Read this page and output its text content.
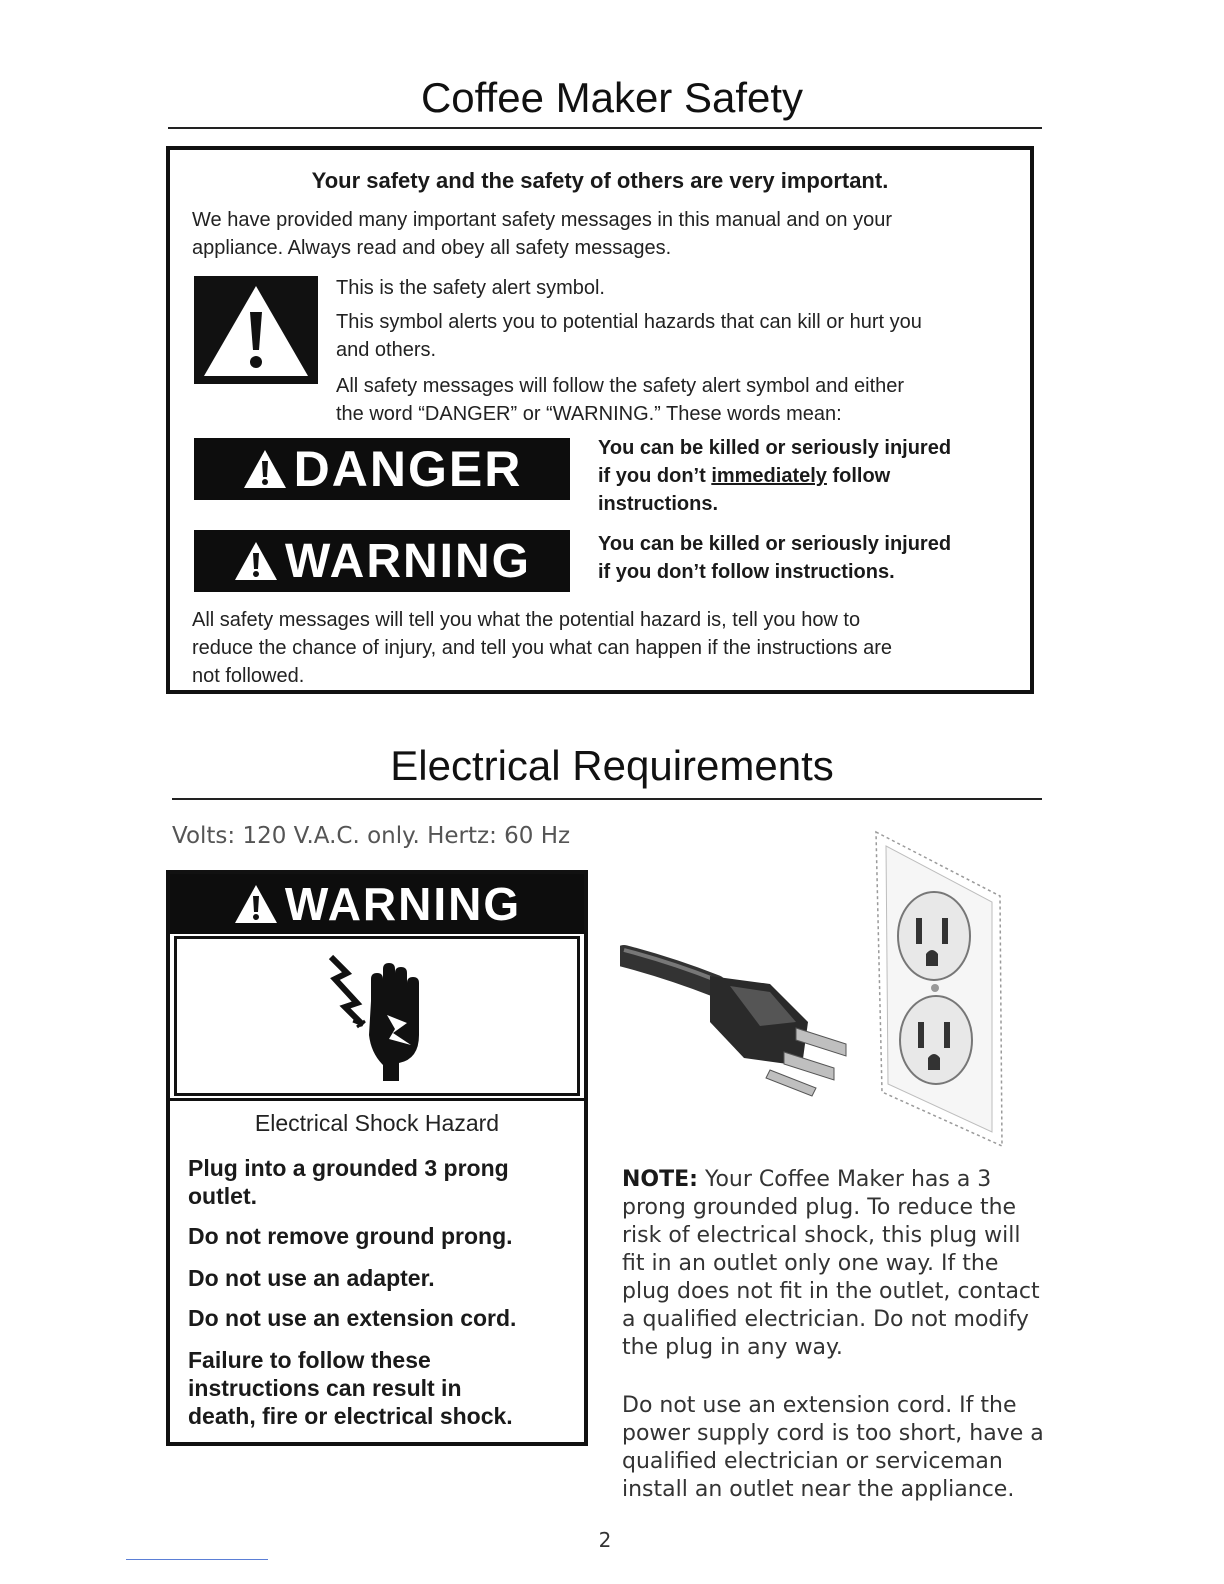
Coffee Maker Safety
Your safety and the safety of others are very important.
We have provided many important safety messages in this manual and on your
appliance. Always read and obey all safety messages.
This is the safety alert symbol.
This symbol alerts you to potential hazards that can kill or hurt you
and others.
All safety messages will follow the safety alert symbol and either
the word “DANGER” or “WARNING.” These words mean:
DANGER	You can be killed or seriously injured
if you don’t immediately follow
instructions.
WARNING	You can be killed or seriously injured
if you don’t follow instructions.
All safety messages will tell you what the potential hazard is, tell you how to
reduce the chance of injury, and tell you what can happen if the instructions are
not followed.
Electrical Requirements
Volts: 120 V.A.C. only. Hertz: 60 Hz
WARNING
Electrical Shock Hazard
Plug into a grounded 3 prong
outlet.
Do not remove ground prong.
Do not use an adapter.
Do not use an extension cord.
Failure to follow these
instructions can result in
death, fire or electrical shock.
NOTE: Your Coffee Maker has a 3
prong grounded plug. To reduce the
risk of electrical shock, this plug will
fit in an outlet only one way. If the
plug does not fit in the outlet, contact
a qualified electrician. Do not modify
the plug in any way.
Do not use an extension cord. If the
power supply cord is too short, have a
qualified electrician or serviceman
install an outlet near the appliance.
2
